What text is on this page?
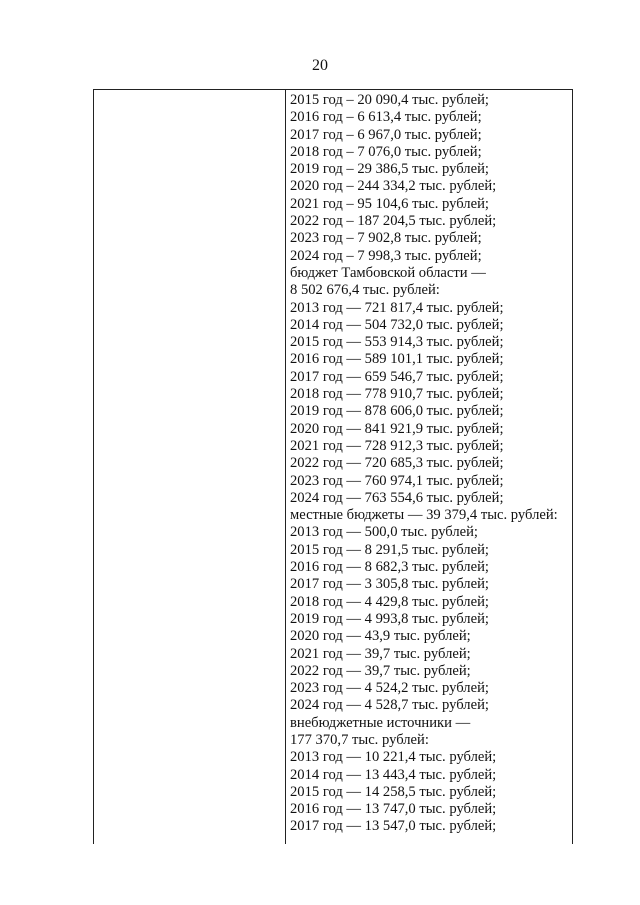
20
2015 год – 20 090,4 тыс. рублей;
2016 год – 6 613,4 тыс. рублей;
2017 год – 6 967,0 тыс. рублей;
2018 год – 7 076,0 тыс. рублей;
2019 год – 29 386,5 тыс. рублей;
2020 год – 244 334,2 тыс. рублей;
2021 год – 95 104,6 тыс. рублей;
2022 год – 187 204,5 тыс. рублей;
2023 год – 7 902,8 тыс. рублей;
2024 год – 7 998,3 тыс. рублей;
бюджет Тамбовской области —
8 502 676,4 тыс. рублей:
2013 год — 721 817,4 тыс. рублей;
2014 год — 504 732,0 тыс. рублей;
2015 год — 553 914,3 тыс. рублей;
2016 год — 589 101,1 тыс. рублей;
2017 год — 659 546,7 тыс. рублей;
2018 год — 778 910,7 тыс. рублей;
2019 год — 878 606,0 тыс. рублей;
2020 год — 841 921,9 тыс. рублей;
2021 год — 728 912,3 тыс. рублей;
2022 год — 720 685,3 тыс. рублей;
2023 год — 760 974,1 тыс. рублей;
2024 год — 763 554,6 тыс. рублей;
местные бюджеты — 39 379,4 тыс. рублей:
2013 год — 500,0 тыс. рублей;
2015 год — 8 291,5 тыс. рублей;
2016 год — 8 682,3 тыс. рублей;
2017 год — 3 305,8 тыс. рублей;
2018 год — 4 429,8 тыс. рублей;
2019 год — 4 993,8 тыс. рублей;
2020 год — 43,9 тыс. рублей;
2021 год — 39,7 тыс. рублей;
2022 год — 39,7 тыс. рублей;
2023 год — 4 524,2 тыс. рублей;
2024 год — 4 528,7 тыс. рублей;
внебюджетные источники —
177 370,7 тыс. рублей:
2013 год — 10 221,4 тыс. рублей;
2014 год — 13 443,4 тыс. рублей;
2015 год — 14 258,5 тыс. рублей;
2016 год — 13 747,0 тыс. рублей;
2017 год — 13 547,0 тыс. рублей;
